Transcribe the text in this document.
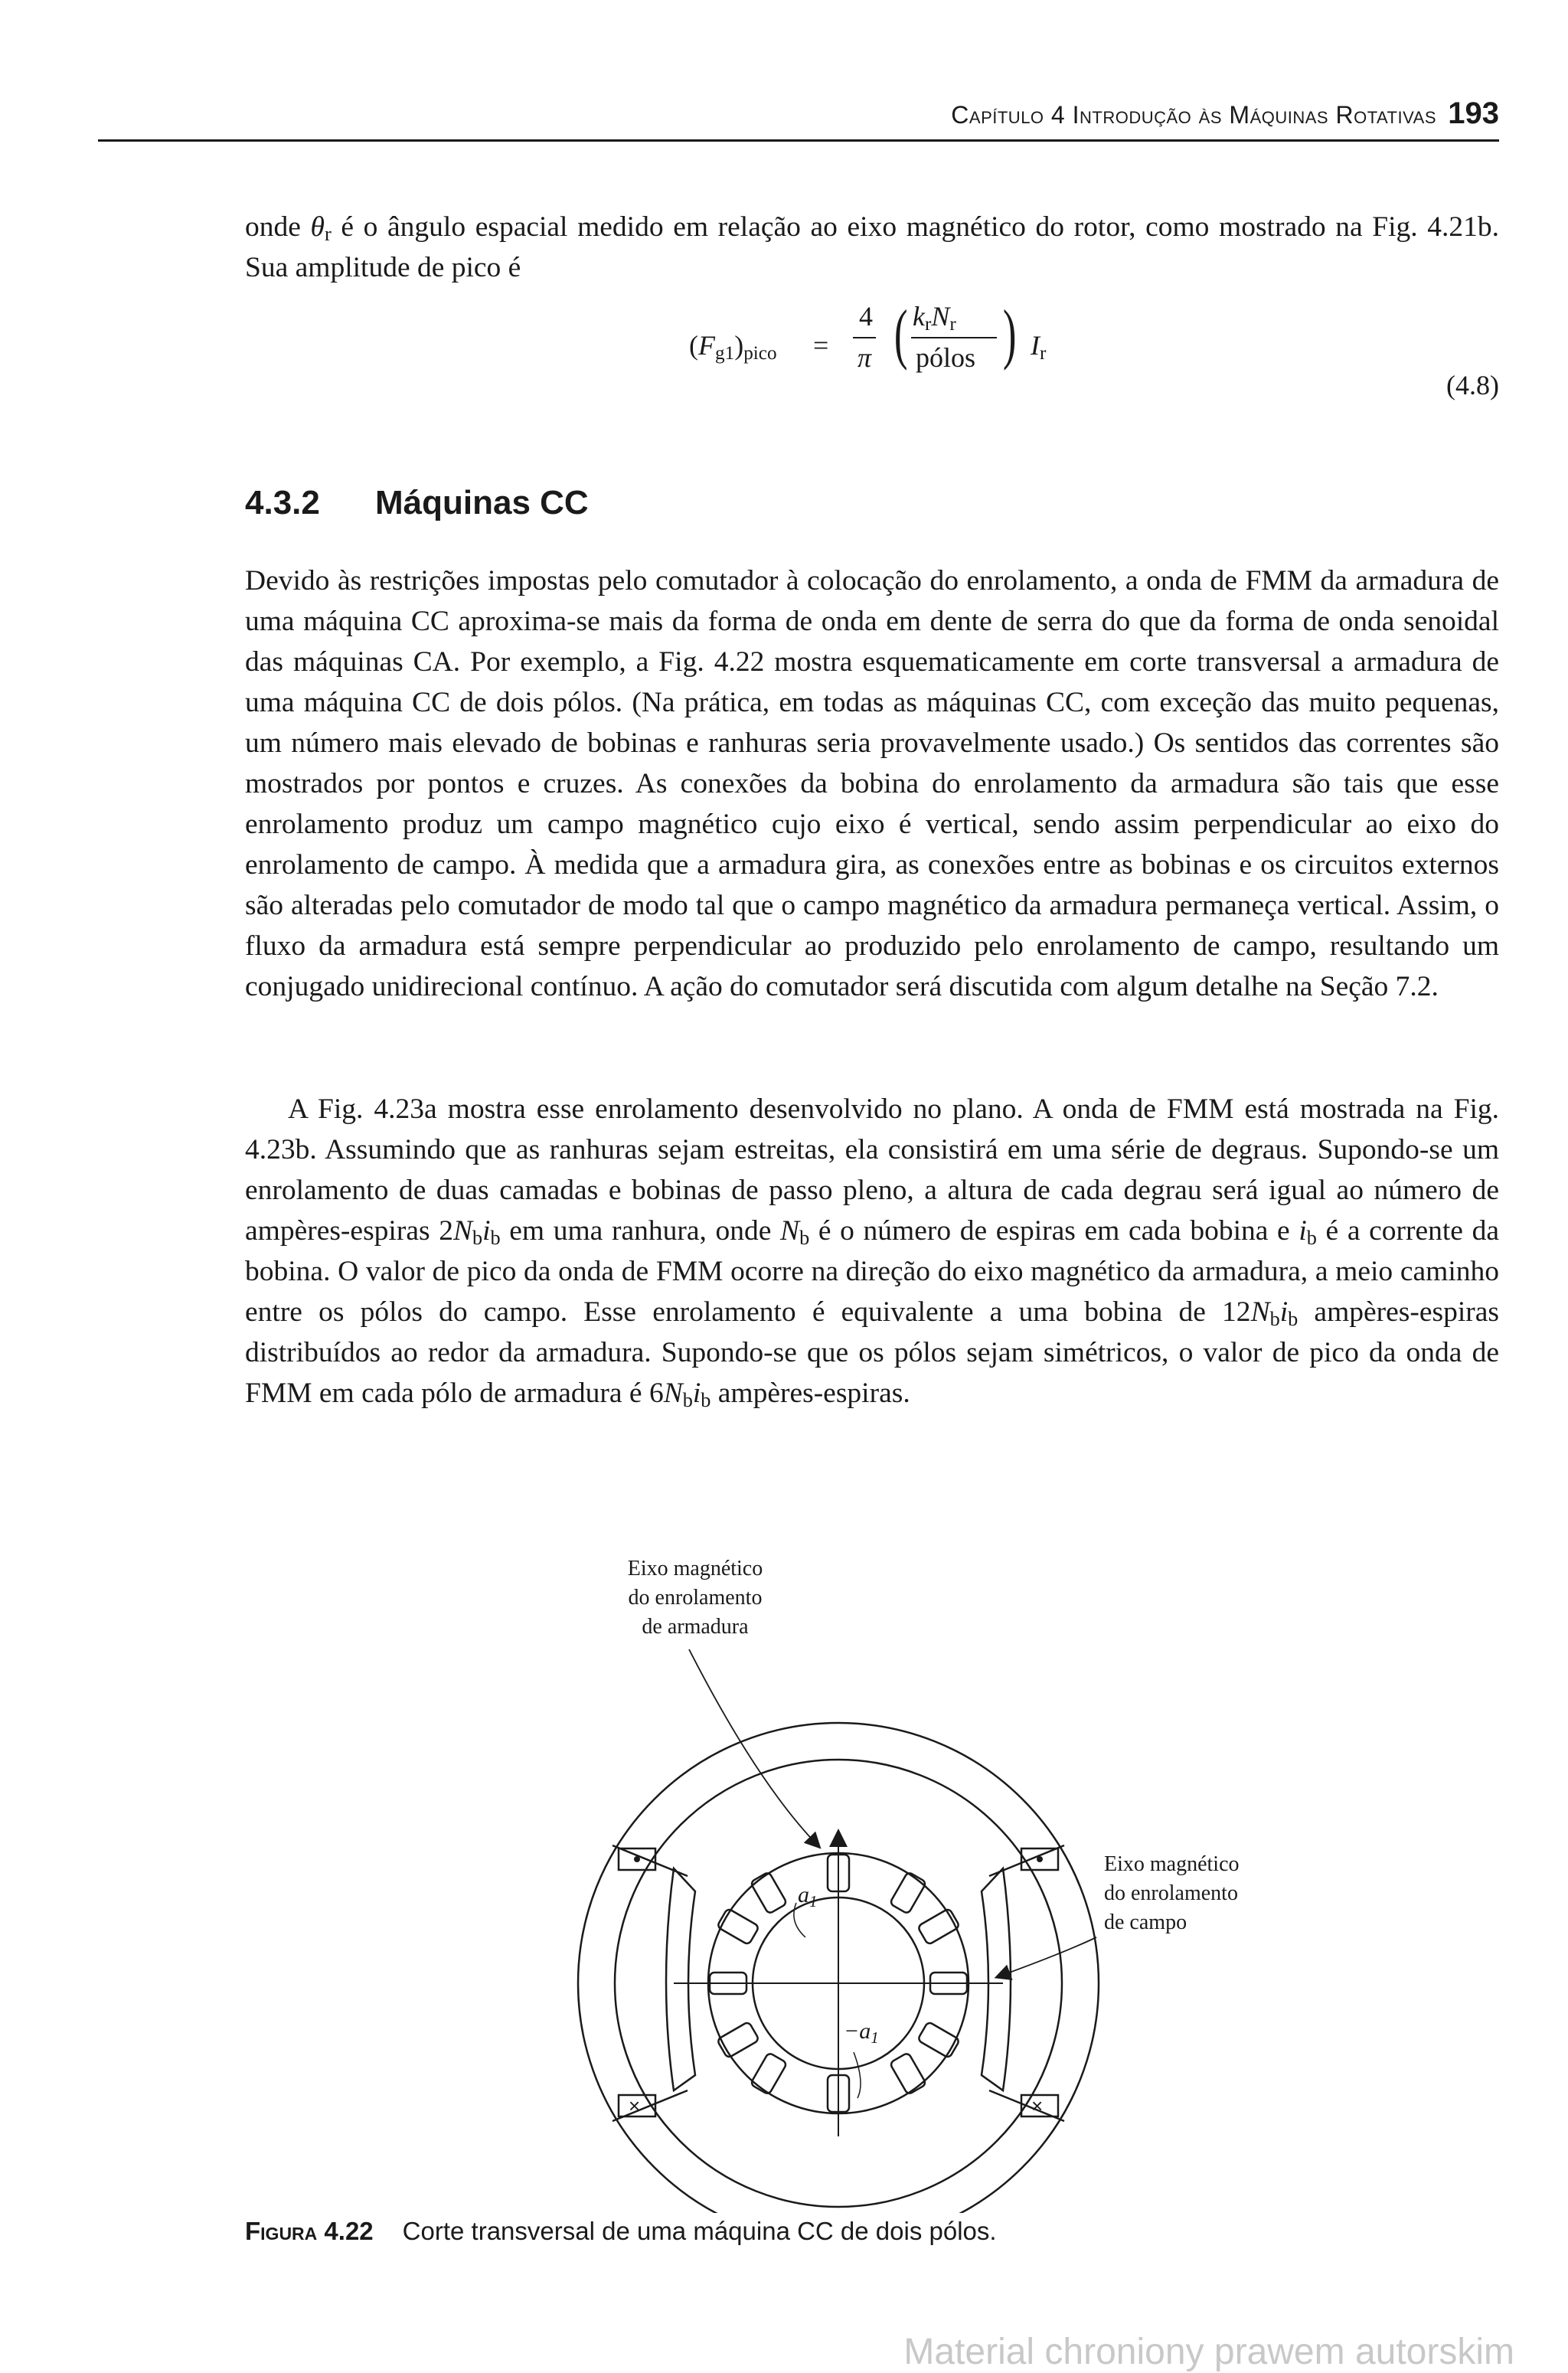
Capítulo 4 Introdução às Máquinas Rotativas 193

onde $\theta_r$ é o ângulo espacial medido em relação ao eixo magnético do rotor, como mostrado na Fig. 4.21b. Sua amplitude de pico é

$(F_{g1})_{pico}$ =
4
π ( $k_rN_r$
pólos ) $I_r$
(4.8)
4.3.2 Máquinas CC

Devido às restrições impostas pelo comutador à colocação do enrolamento, a onda de FMM da armadura de uma máquina CC aproxima-se mais da forma de onda em dente de serra do que da forma de onda senoidal das máquinas CA. Por exemplo, a Fig. 4.22 mostra esquematicamente em corte transversal a armadura de uma máquina CC de dois pólos. (Na prática, em todas as máquinas CC, com exceção das muito pequenas, um número mais elevado de bobinas e ranhuras seria provavelmente usado.) Os sentidos das correntes são mostrados por pontos e cruzes. As conexões da bobina do enrolamento da armadura são tais que esse enrolamento produz um campo magnético cujo eixo é vertical, sendo assim perpendicular ao eixo do enrolamento de campo. À medida que a armadura gira, as conexões entre as bobinas e os circuitos externos são alteradas pelo comutador de modo tal que o campo magnético da armadura permaneça vertical. Assim, o fluxo da armadura está sempre perpendicular ao produzido pelo enrolamento de campo, resultando um conjugado unidirecional contínuo. A ação do comutador será discutida com algum detalhe na Seção 7.2.

A Fig. 4.23a mostra esse enrolamento desenvolvido no plano. A onda de FMM está mostrada na Fig. 4.23b. Assumindo que as ranhuras sejam estreitas, ela consistirá em uma série de degraus. Supondo-se um enrolamento de duas camadas e bobinas de passo pleno, a altura de cada degrau será igual ao número de ampères-espiras $2N_bi_b$ em uma ranhura, onde $N_b$ é o número de espiras em cada bobina e $i_b$ é a corrente da bobina. O valor de pico da onda de FMM ocorre na direção do eixo magnético da armadura, a meio caminho entre os pólos do campo. Esse enrolamento é equivalente a uma bobina de $12N_bi_b$ ampères-espiras distribuídos ao redor da armadura. Supondo-se que os pólos sejam simétricos, o valor de pico da onda de FMM em cada pólo de armadura é $6N_bi_b$ ampères-espiras.

×	×
Eixo magnético
do enrolamento
de armadura
Eixo magnético
do enrolamento
de campo
$a_1$
$-a_1$
Figura 4.22 Corte transversal de uma máquina CC de dois pólos.
Material chroniony prawem autorskim
